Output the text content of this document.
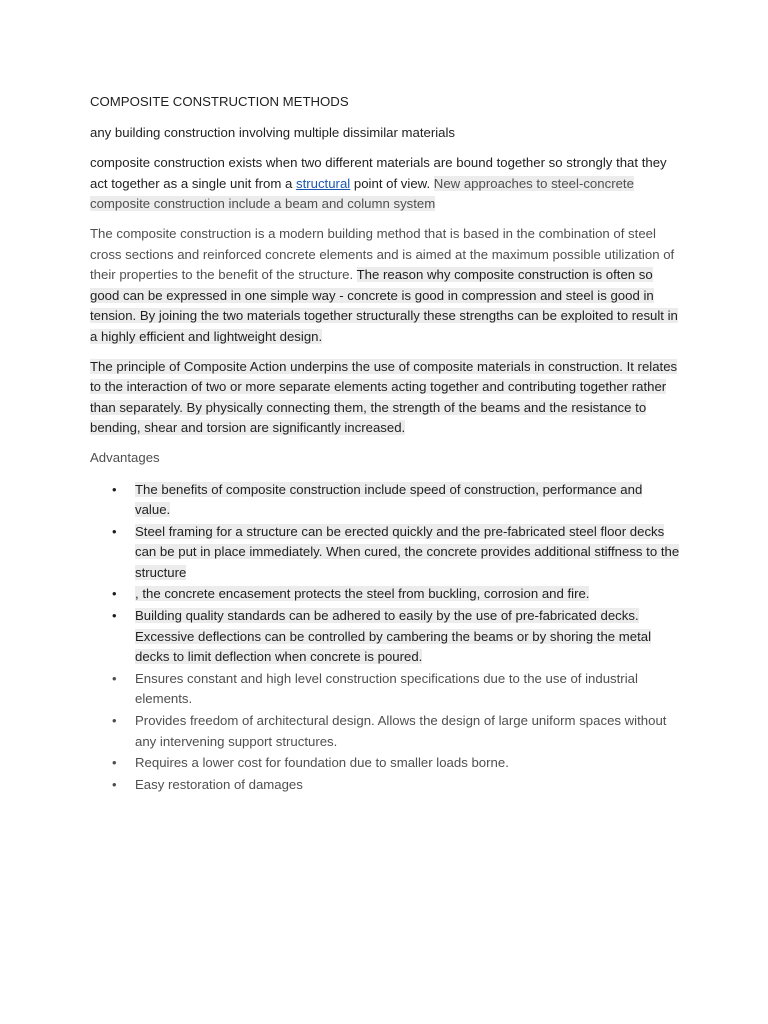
COMPOSITE CONSTRUCTION METHODS

any building construction involving multiple dissimilar materials

composite construction exists when two different materials are bound together so strongly that they act together as a single unit from a structural point of view. New approaches to steel-concrete composite construction include a beam and column system

The composite construction is a modern building method that is based in the combination of steel cross sections and reinforced concrete elements and is aimed at the maximum possible utilization of their properties to the benefit of the structure. The reason why composite construction is often so good can be expressed in one simple way - concrete is good in compression and steel is good in tension. By joining the two materials together structurally these strengths can be exploited to result in a highly efficient and lightweight design.

The principle of Composite Action underpins the use of composite materials in construction. It relates to the interaction of two or more separate elements acting together and contributing together rather than separately. By physically connecting them, the strength of the beams and the resistance to bending, shear and torsion are significantly increased.

Advantages

• The benefits of composite construction include speed of construction, performance and value.
• Steel framing for a structure can be erected quickly and the pre-fabricated steel floor decks can be put in place immediately. When cured, the concrete provides additional stiffness to the structure
• , the concrete encasement protects the steel from buckling, corrosion and fire.
• Building quality standards can be adhered to easily by the use of pre-fabricated decks. Excessive deflections can be controlled by cambering the beams or by shoring the metal decks to limit deflection when concrete is poured.
• Ensures constant and high level construction specifications due to the use of industrial elements.
• Provides freedom of architectural design. Allows the design of large uniform spaces without any intervening support structures.
• Requires a lower cost for foundation due to smaller loads borne.
• Easy restoration of damages
